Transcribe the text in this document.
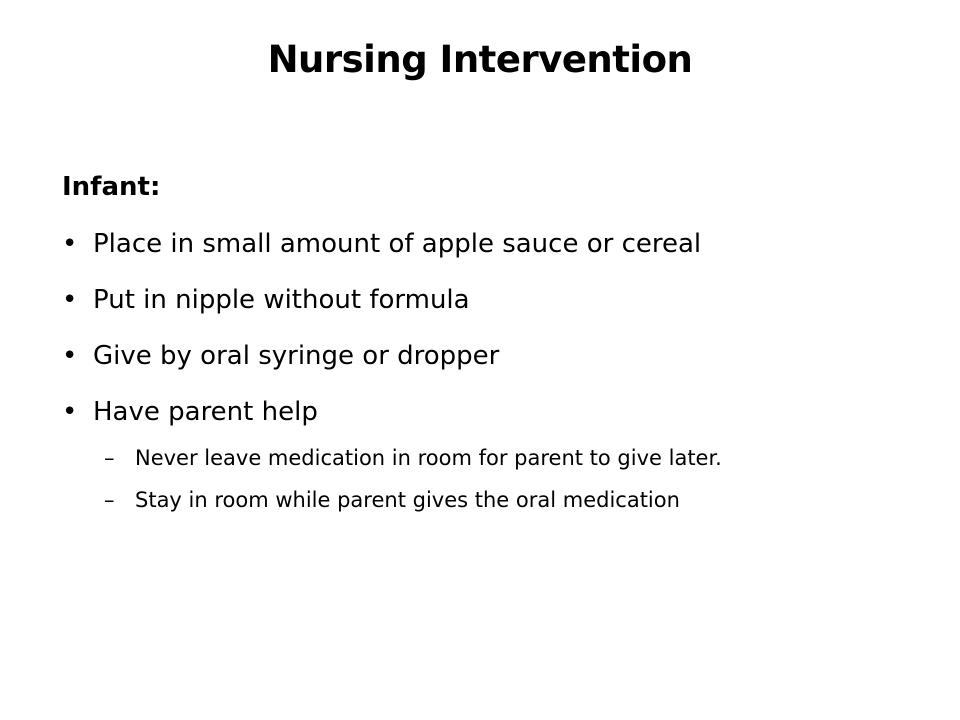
Nursing Intervention
Infant:
• Place in small amount of apple sauce or cereal
• Put in nipple without formula
• Give by oral syringe or dropper
• Have parent help
– Never leave medication in room for parent to give later.
– Stay in room while parent gives the oral medication
